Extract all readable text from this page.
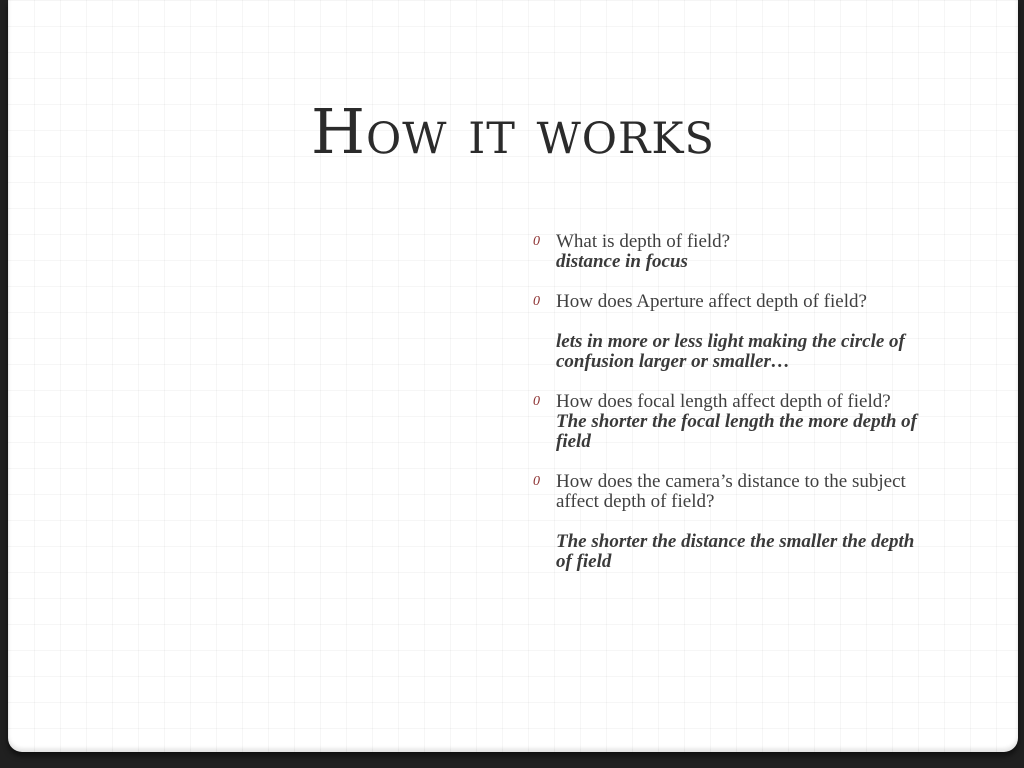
How it works
0 What is depth of field?
distance in focus
0 How does Aperture affect depth of field?
lets in more or less light making the circle of confusion larger or smaller…
0 How does focal length affect depth of field?
The shorter the focal length the more depth of field
0 How does the camera’s distance to the subject affect depth of field?
The shorter the distance the smaller the depth of field
